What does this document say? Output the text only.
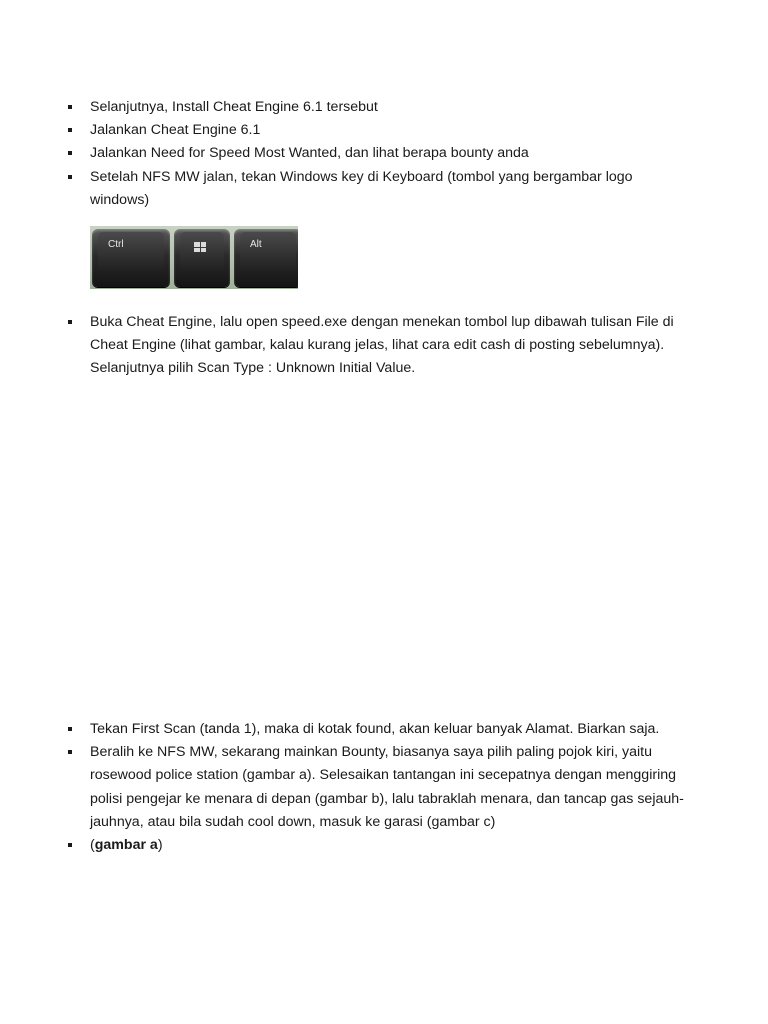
Selanjutnya, Install Cheat Engine 6.1 tersebut
Jalankan Cheat Engine 6.1
Jalankan Need for Speed Most Wanted, dan lihat berapa bounty anda
Setelah NFS MW jalan, tekan Windows key di Keyboard (tombol yang bergambar logo windows)
Ctrl	Alt
Buka Cheat Engine, lalu open speed.exe dengan menekan tombol lup dibawah tulisan File di Cheat Engine (lihat gambar, kalau kurang jelas, lihat cara edit cash di posting sebelumnya). Selanjutnya pilih Scan Type : Unknown Initial Value.
Tekan First Scan (tanda 1), maka di kotak found, akan keluar banyak Alamat. Biarkan saja.
Beralih ke NFS MW, sekarang mainkan Bounty, biasanya saya pilih paling pojok kiri, yaitu rosewood police station (gambar a). Selesaikan tantangan ini secepatnya dengan menggiring polisi pengejar ke menara di depan (gambar b), lalu tabraklah menara, dan tancap gas sejauh-jauhnya, atau bila sudah cool down, masuk ke garasi (gambar c)
(gambar a)
